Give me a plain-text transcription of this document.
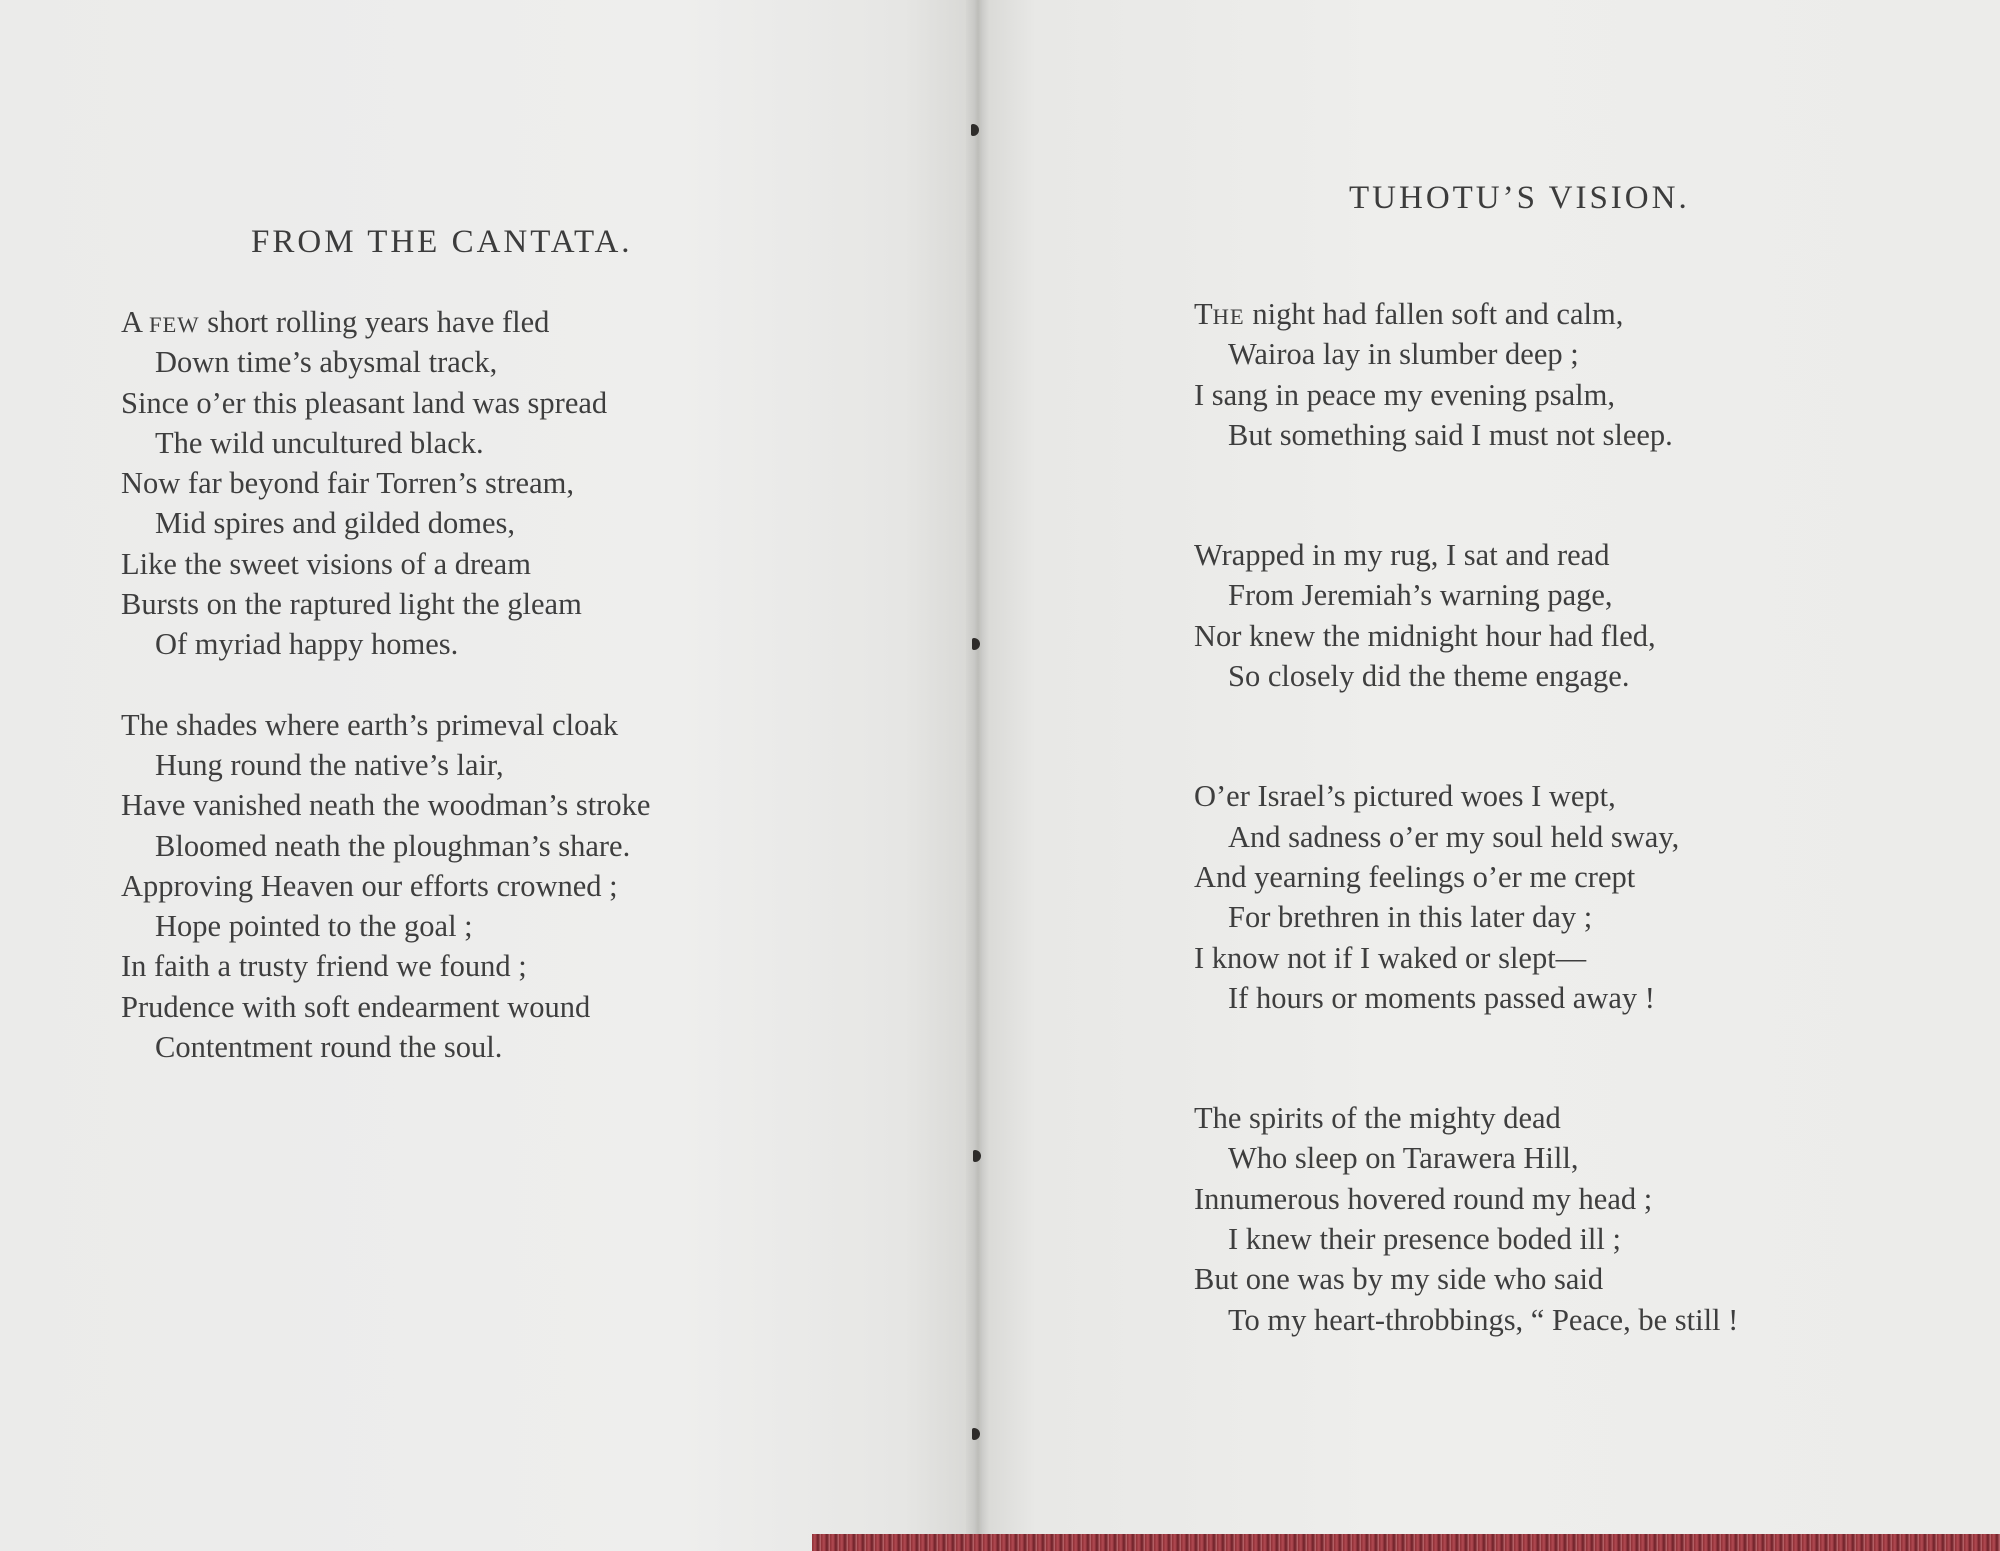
FROM THE CANTATA.
A FEW short rolling years have fled
Down time’s abysmal track,
Since o’er this pleasant land was spread
The wild uncultured black.
Now far beyond fair Torren’s stream,
Mid spires and gilded domes,
Like the sweet visions of a dream
Bursts on the raptured light the gleam
Of myriad happy homes.
The shades where earth’s primeval cloak
Hung round the native’s lair,
Have vanished neath the woodman’s stroke
Bloomed neath the ploughman’s share.
Approving Heaven our efforts crowned ;
Hope pointed to the goal ;
In faith a trusty friend we found ;
Prudence with soft endearment wound
Contentment round the soul.
TUHOTU’S VISION.
THE night had fallen soft and calm,
Wairoa lay in slumber deep ;
I sang in peace my evening psalm,
But something said I must not sleep.
Wrapped in my rug, I sat and read
From Jeremiah’s warning page,
Nor knew the midnight hour had fled,
So closely did the theme engage.
O’er Israel’s pictured woes I wept,
And sadness o’er my soul held sway,
And yearning feelings o’er me crept
For brethren in this later day ;
I know not if I waked or slept—
If hours or moments passed away !
The spirits of the mighty dead
Who sleep on Tarawera Hill,
Innumerous hovered round my head ;
I knew their presence boded ill ;
But one was by my side who said
To my heart-throbbings, “ Peace, be still !
